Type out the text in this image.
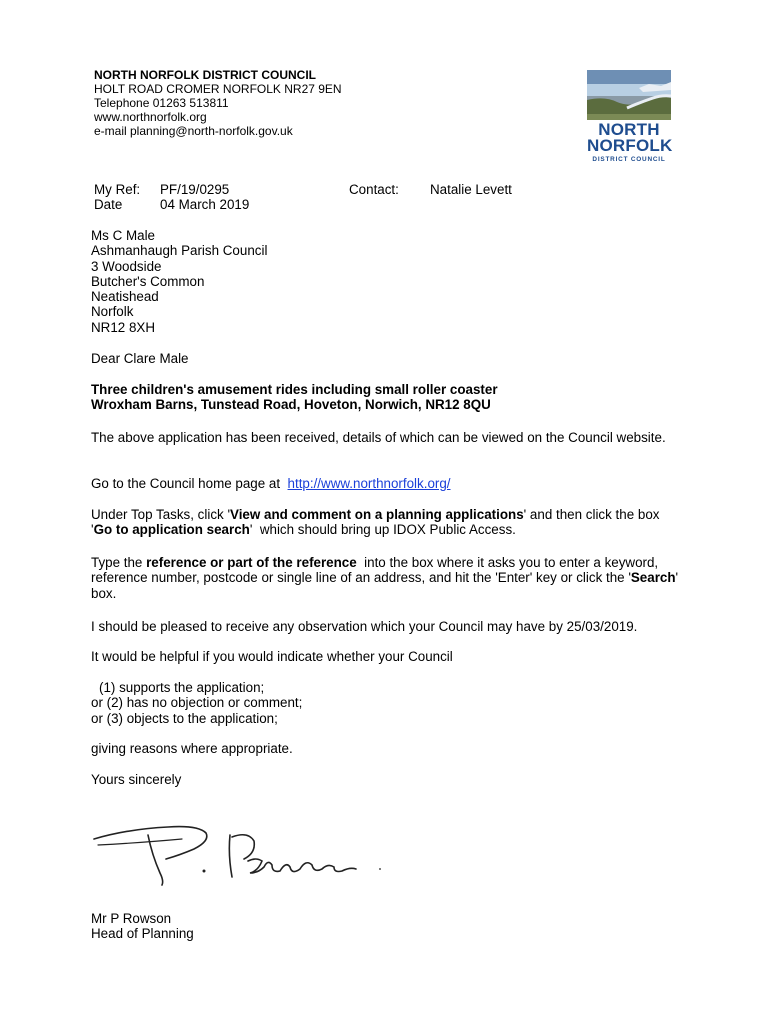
NORTH NORFOLK DISTRICT COUNCIL
HOLT ROAD CROMER NORFOLK NR27 9EN
Telephone 01263 513811
www.northnorfolk.org
e-mail planning@north-norfolk.gov.uk	NORTH
NORFOLK
DISTRICT COUNCIL
My Ref: PF/19/0295	Contact: Natalie Levett
Date	04 March 2019
Ms C Male
Ashmanhaugh Parish Council
3 Woodside
Butcher's Common
Neatishead
Norfolk
NR12 8XH
Dear Clare Male
Three children's amusement rides including small roller coaster
Wroxham Barns, Tunstead Road, Hoveton, Norwich, NR12 8QU
The above application has been received, details of which can be viewed on the Council website.
Go to the Council home page at  http://www.northnorfolk.org/
Under Top Tasks, click 'View and comment on a planning applications' and then click the box 'Go to application search'  which should bring up IDOX Public Access.
Type the reference or part of the reference  into the box where it asks you to enter a keyword, reference number, postcode or single line of an address, and hit the 'Enter' key or click the 'Search' box.
I should be pleased to receive any observation which your Council may have by 25/03/2019.
It would be helpful if you would indicate whether your Council
(1) supports the application;
or (2) has no objection or comment;
or (3) objects to the application;
giving reasons where appropriate.
Yours sincerely
Mr P Rowson
Head of Planning
